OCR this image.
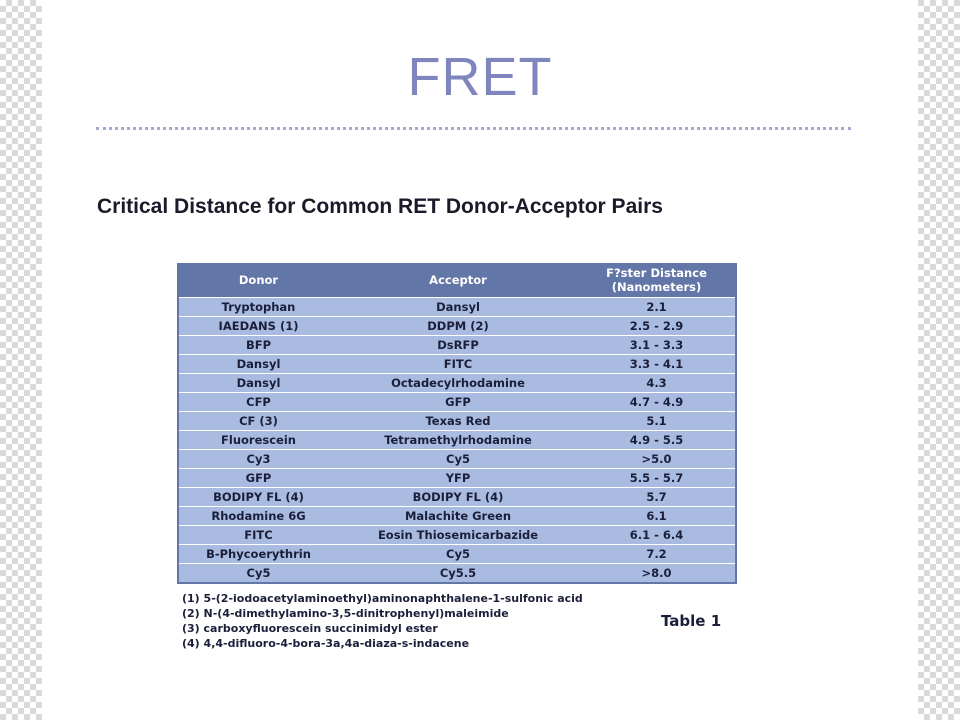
FRET
Critical Distance for Common RET Donor-Acceptor Pairs
Donor	Acceptor	F?ster Distance
(Nanometers)
Tryptophan	Dansyl	2.1
IAEDANS (1)	DDPM (2)	2.5 - 2.9
BFP	DsRFP	3.1 - 3.3
Dansyl	FITC	3.3 - 4.1
Dansyl	Octadecylrhodamine	4.3
CFP	GFP	4.7 - 4.9
CF (3)	Texas Red	5.1
Fluorescein	Tetramethylrhodamine	4.9 - 5.5
Cy3	Cy5	>5.0
GFP	YFP	5.5 - 5.7
BODIPY FL (4)	BODIPY FL (4)	5.7
Rhodamine 6G	Malachite Green	6.1
FITC	Eosin Thiosemicarbazide	6.1 - 6.4
B-Phycoerythrin	Cy5	7.2
Cy5	Cy5.5	>8.0
(1) 5-(2-iodoacetylaminoethyl)aminonaphthalene-1-sulfonic acid
(2) N-(4-dimethylamino-3,5-dinitrophenyl)maleimide
(3) carboxyfluorescein succinimidyl ester
(4) 4,4-difluoro-4-bora-3a,4a-diaza-s-indacene
Table 1
